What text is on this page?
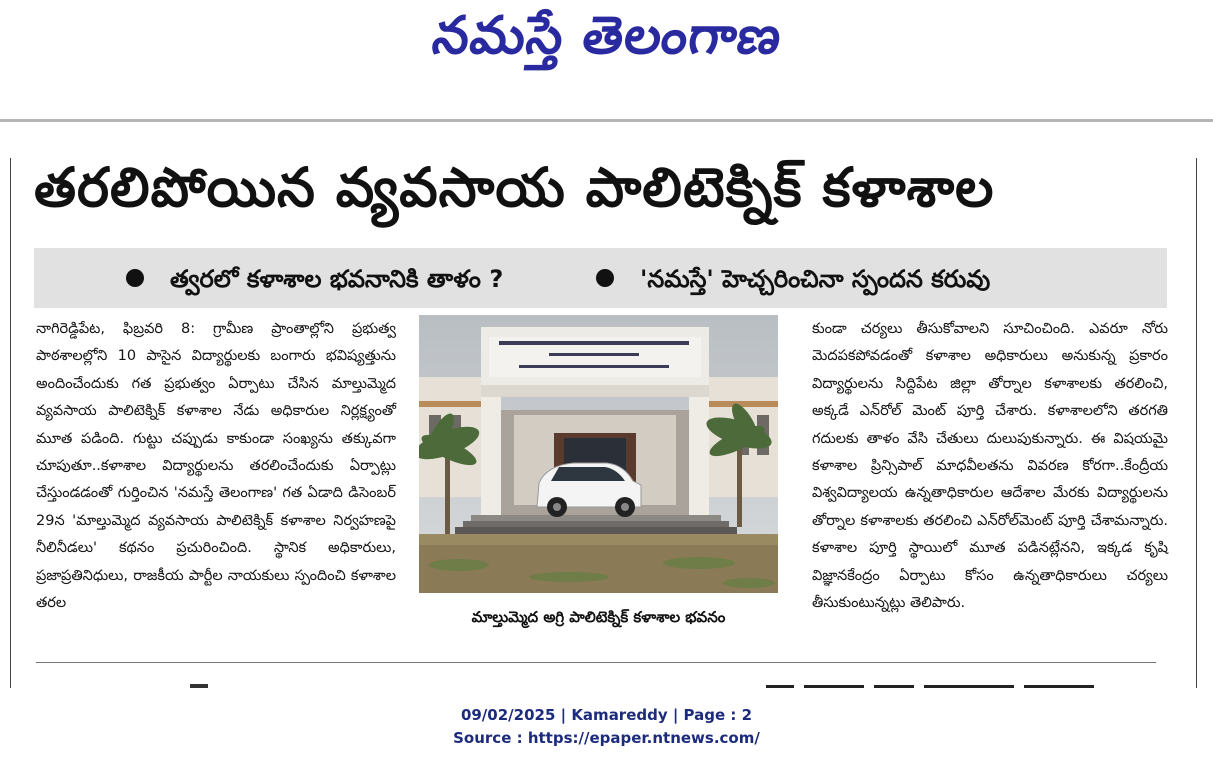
నమస్తే తెలంగాణ
తరలిపోయిన వ్యవసాయ పాలిటెక్నిక్ కళాశాల
త్వరలో కళాశాల భవనానికి తాళం ?	'నమస్తే' హెచ్చరించినా స్పందన కరువు
నాగిరెడ్డిపేట, ఫిబ్రవరి 8: గ్రామీణ ప్రాంతాల్లోని ప్రభుత్వ పాఠశాలల్లోని 10 పాసైన విద్యార్థులకు బంగారు భవిష్యత్తును అందించేందుకు గత ప్రభుత్వం ఏర్పాటు చేసిన మాల్తుమ్మెద వ్యవసాయ పాలిటెక్నిక్ కళాశాల నేడు అధికారుల నిర్లక్ష్యంతో మూత పడింది. గుట్టు చప్పుడు కాకుండా సంఖ్యను తక్కువగా చూపుతూ..కళాశాల విద్యార్థులను తరలించేందుకు ఏర్పాట్లు చేస్తుండడంతో గుర్తించిన 'నమస్తే తెలంగాణ' గత ఏడాది డిసెంబర్ 29న 'మాల్తుమ్మెద వ్యవసాయ పాలిటెక్నిక్ కళాశాల నిర్వహణపై నీలినీడలు' కథనం ప్రచురించింది. స్థానిక అధికారులు, ప్రజాప్రతినిధులు, రాజకీయ పార్టీల నాయకులు స్పందించి కళాశాల తరల
మాల్తుమ్మెద అగ్రి పాలిటెక్నిక్ కళాశాల భవనం
కుండా చర్యలు తీసుకోవాలని సూచించింది. ఎవరూ నోరు మెదపకపోవడంతో కళాశాల అధికారులు అనుకున్న ప్రకారం విద్యార్థులను సిద్దిపేట జిల్లా తోర్నాల కళాశాలకు తరలించి, అక్కడే ఎన్‌రోల్ మెంట్ పూర్తి చేశారు. కళాశాలలోని తరగతి గదులకు తాళం వేసి చేతులు దులుపుకున్నారు. ఈ విషయమై కళాశాల ప్రిన్సిపాల్ మాధవీలతను వివరణ కోరగా..కేంద్రీయ విశ్వవిద్యాలయ ఉన్నతాధికారుల ఆదేశాల మేరకు విద్యార్థులను తోర్నాల కళాశాలకు తరలించి ఎన్‌రోల్‌మెంట్ పూర్తి చేశామన్నారు. కళాశాల పూర్తి స్థాయిలో మూత పడినట్లేనని, ఇక్కడ కృషి విజ్ఞానకేంద్రం ఏర్పాటు కోసం ఉన్నతాధికారులు చర్యలు తీసుకుంటున్నట్లు తెలిపారు.
09/02/2025 | Kamareddy | Page : 2
Source : https://epaper.ntnews.com/
